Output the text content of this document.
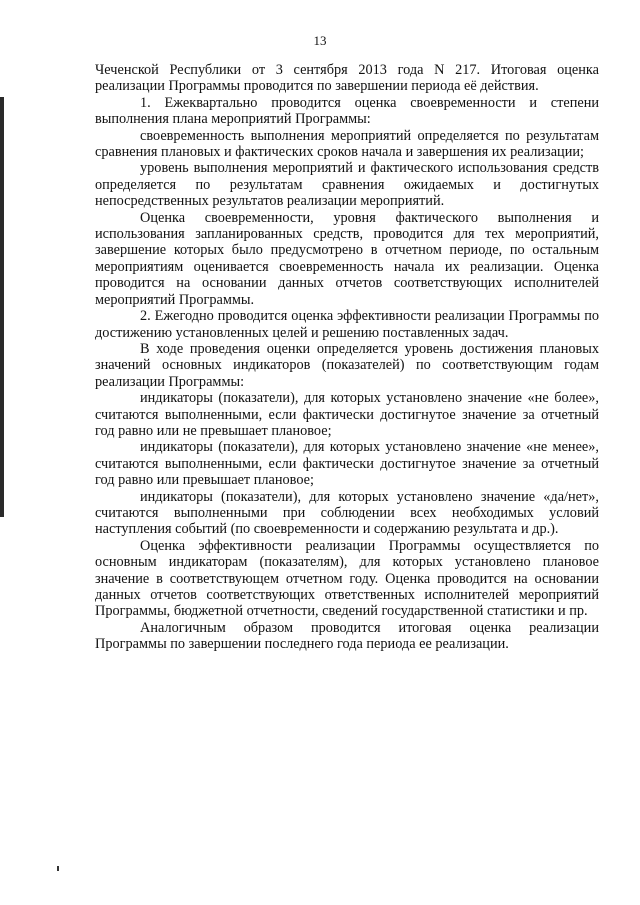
13

Чеченской Республики от 3 сентября 2013 года N 217. Итоговая оценка реализации Программы проводится по завершении периода её действия.

1. Ежеквартально проводится оценка своевременности и степени выполнения плана мероприятий Программы:

своевременность выполнения мероприятий определяется по результатам сравнения плановых и фактических сроков начала и завершения их реализации;

уровень выполнения мероприятий и фактического использования средств определяется по результатам сравнения ожидаемых и достигнутых непосредственных результатов реализации мероприятий.

Оценка своевременности, уровня фактического выполнения и использования запланированных средств, проводится для тех мероприятий, завершение которых было предусмотрено в отчетном периоде, по остальным мероприятиям оценивается своевременность начала их реализации. Оценка проводится на основании данных отчетов соответствующих исполнителей мероприятий Программы.

2. Ежегодно проводится оценка эффективности реализации Программы по достижению установленных целей и решению поставленных задач.

В ходе проведения оценки определяется уровень достижения плановых значений основных индикаторов (показателей) по соответствующим годам реализации Программы:

индикаторы (показатели), для которых установлено значение «не более», считаются выполненными, если фактически достигнутое значение за отчетный год равно или не превышает плановое;

индикаторы (показатели), для которых установлено значение «не менее», считаются выполненными, если фактически достигнутое значение за отчетный год равно или превышает плановое;

индикаторы (показатели), для которых установлено значение «да/нет», считаются выполненными при соблюдении всех необходимых условий наступления событий (по своевременности и содержанию результата и др.).

Оценка эффективности реализации Программы осуществляется по основным индикаторам (показателям), для которых установлено плановое значение в соответствующем отчетном году. Оценка проводится на основании данных отчетов соответствующих ответственных исполнителей мероприятий Программы, бюджетной отчетности, сведений государственной статистики и пр.

Аналогичным образом проводится итоговая оценка реализации Программы по завершении последнего года периода ее реализации.
